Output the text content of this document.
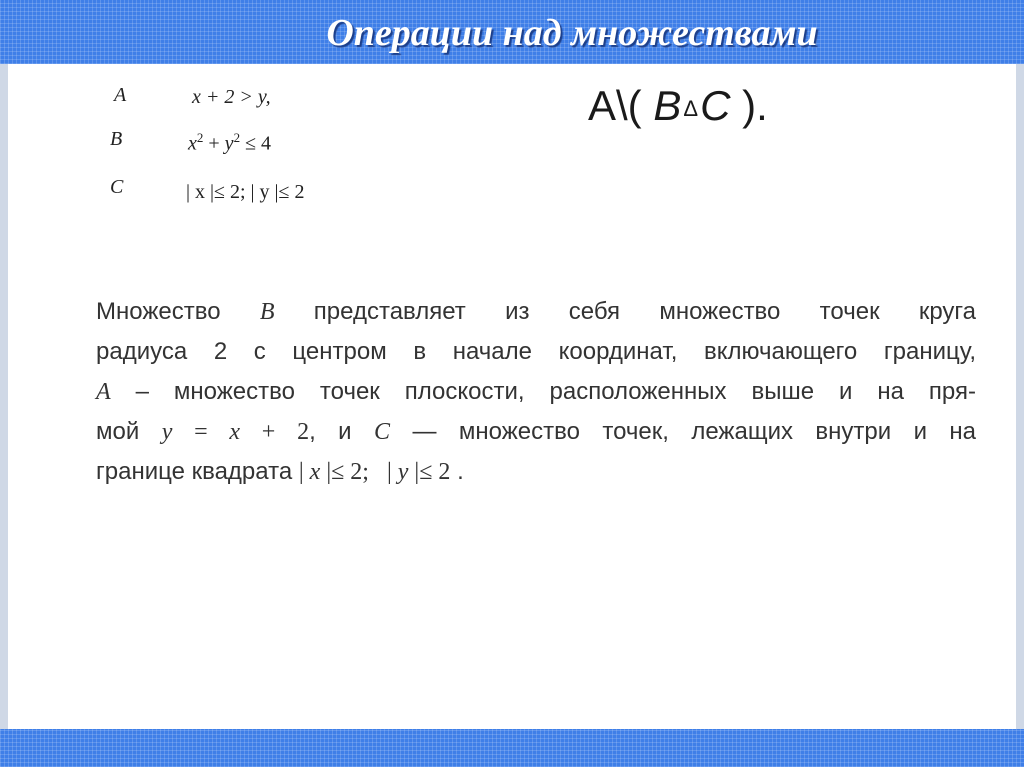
Операции над множествами
A	x + 2 > y,
B	$x^2 + y^2 \le 4$
C	| x |≤ 2; | y |≤ 2
A\( BΔC ).
Множество B представляет из себя множество точек круга
радиуса 2 с центром в начале координат, включающего границу,
A – множество точек плоскости, расположенных выше и на пря-
мой y = x + 2, и C — множество точек, лежащих внутри и на
границе квадрата | x |≤ 2;   | y |≤ 2 .
